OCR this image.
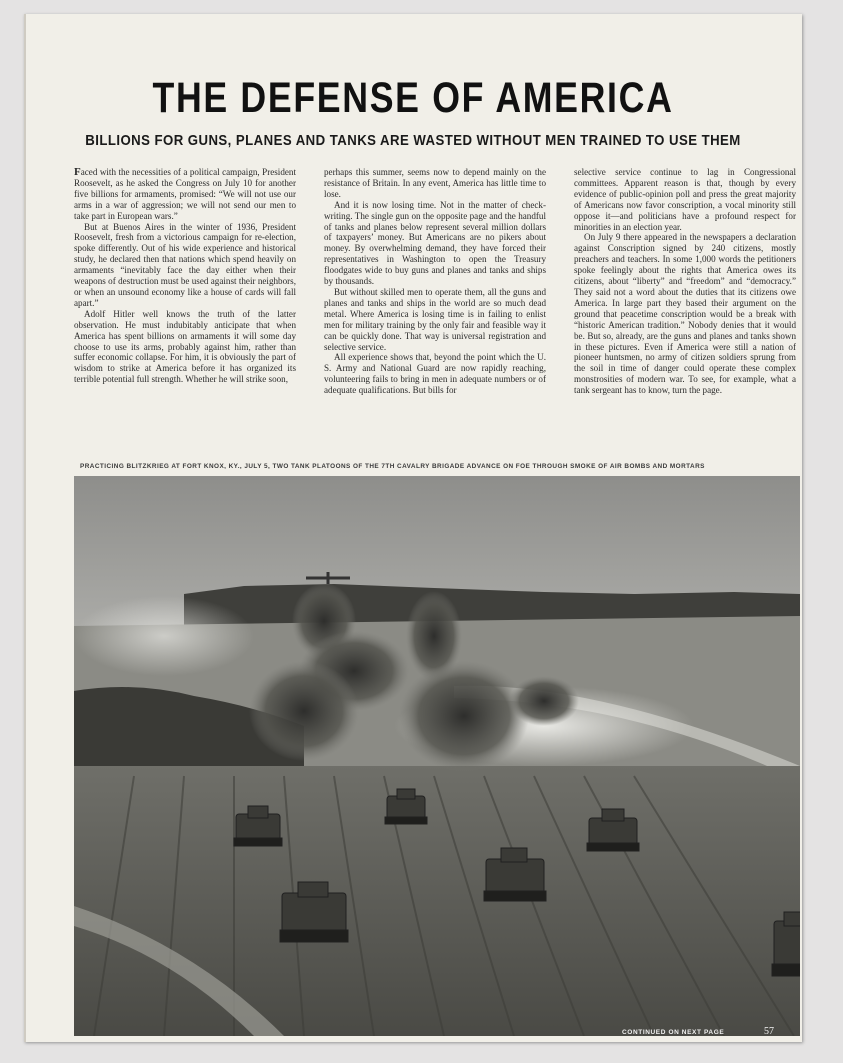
THE DEFENSE OF AMERICA
BILLIONS FOR GUNS, PLANES AND TANKS ARE WASTED WITHOUT MEN TRAINED TO USE THEM

Faced with the necessities of a political campaign, President Roosevelt, as he asked the Congress on July 10 for another five billions for armaments, promised: “We will not use our arms in a war of aggression; we will not send our men to take part in European wars.”

But at Buenos Aires in the winter of 1936, President Roosevelt, fresh from a victorious campaign for re-election, spoke differently. Out of his wide experience and historical study, he declared then that nations which spend heavily on armaments “inevitably face the day either when their weapons of destruction must be used against their neighbors, or when an unsound economy like a house of cards will fall apart.”

Adolf Hitler well knows the truth of the latter observation. He must indubitably anticipate that when America has spent billions on armaments it will some day choose to use its arms, probably against him, rather than suffer economic collapse. For him, it is obviously the part of wisdom to strike at America before it has organized its terrible potential full strength. Whether he will strike soon,

perhaps this summer, seems now to depend mainly on the resistance of Britain. In any event, America has little time to lose.

And it is now losing time. Not in the matter of check-writing. The single gun on the opposite page and the handful of tanks and planes below represent several million dollars of taxpayers’ money. But Americans are no pikers about money. By overwhelming demand, they have forced their representatives in Washington to open the Treasury floodgates wide to buy guns and planes and tanks and ships by thousands.

But without skilled men to operate them, all the guns and planes and tanks and ships in the world are so much dead metal. Where America is losing time is in failing to enlist men for military training by the only fair and feasible way it can be quickly done. That way is universal registration and selective service.

All experience shows that, beyond the point which the U. S. Army and National Guard are now rapidly reaching, volunteering fails to bring in men in adequate numbers or of adequate qualifications. But bills for

selective service continue to lag in Congressional committees. Apparent reason is that, though by every evidence of public-opinion poll and press the great majority of Americans now favor conscription, a vocal minority still oppose it—and politicians have a profound respect for minorities in an election year.

On July 9 there appeared in the newspapers a declaration against Conscription signed by 240 citizens, mostly preachers and teachers. In some 1,000 words the petitioners spoke feelingly about the rights that America owes its citizens, about “liberty” and “freedom” and “democracy.” They said not a word about the duties that its citizens owe America. In large part they based their argument on the ground that peacetime conscription would be a break with “historic American tradition.” Nobody denies that it would be. But so, already, are the guns and planes and tanks shown in these pictures. Even if America were still a nation of pioneer huntsmen, no army of citizen soldiers sprung from the soil in time of danger could operate these complex monstrosities of modern war. To see, for example, what a tank sergeant has to know, turn the page.

PRACTICING BLITZKRIEG AT FORT KNOX, KY., JULY 5, TWO TANK PLATOONS OF THE 7TH CAVALRY BRIGADE ADVANCE ON FOE THROUGH SMOKE OF AIR BOMBS AND MORTARS
CONTINUED ON NEXT PAGE	57
